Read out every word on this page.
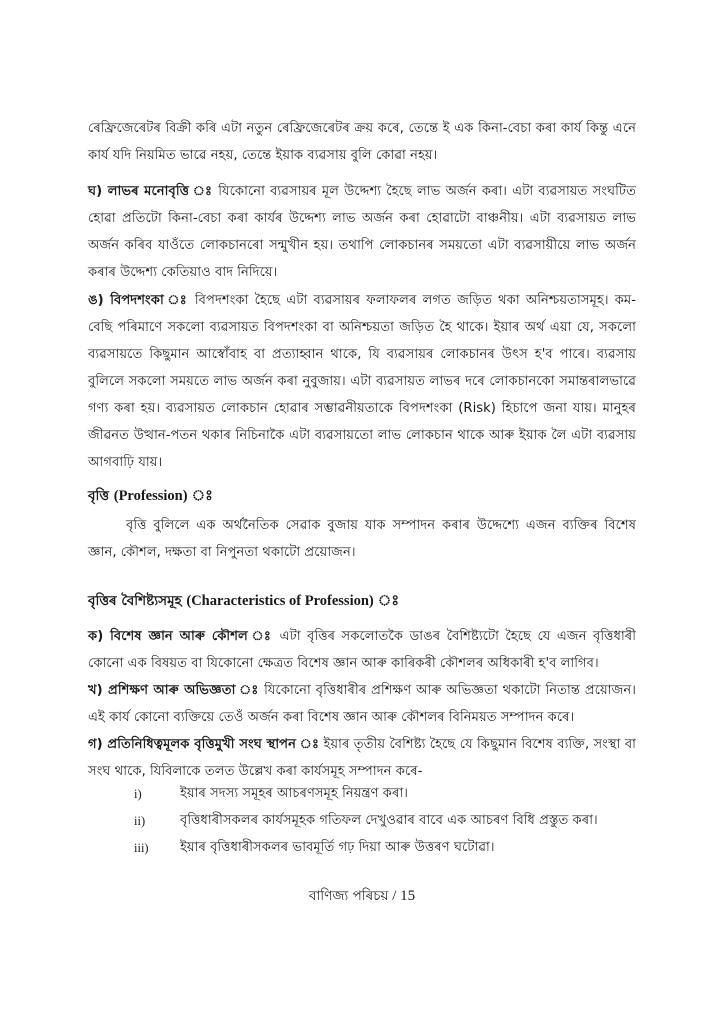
ৰেফ্ৰিজেৰেটৰ বিক্ৰী কৰি এটা নতুন ৰেফ্ৰিজেৰেটৰ ক্ৰয় কৰে, তেন্তে ই এক কিনা-বেচা কৰা কাৰ্য কিন্তু এনে কাৰ্য যদি নিয়মিত ভাৱে নহয়, তেন্তে ইয়াক ব্যৱসায় বুলি কোৱা নহয়।

ঘ) লাভৰ মনোবৃত্তি ঃ যিকোনো ব্যৱসায়ৰ মূল উদ্দেশ্য হৈছে লাভ অৰ্জন কৰা। এটা ব্যৱসায়ত সংঘটিত হোৱা প্ৰতিটো কিনা-বেচা কৰা কাৰ্যৰ উদ্দেশ্য লাভ অৰ্জন কৰা হোৱাটো বাঞ্চনীয়। এটা ব্যৱসায়ত লাভ অৰ্জন কৰিব যাওঁতে লোকচানৰো সন্মুখীন হয়। তথাপি লোকচানৰ সময়তো এটা ব্যৱসায়ীয়ে লাভ অৰ্জন কৰাৰ উদ্দেশ্য কেতিয়াও বাদ নিদিয়ে।

ঙ) বিপদশংকা ঃ বিপদশংকা হৈছে এটা ব্যৱসায়ৰ ফলাফলৰ লগত জড়িত থকা অনিশ্চয়তাসমূহ। কম-বেছি পৰিমাণে সকলো ব্যৱসায়ত বিপদশংকা বা অনিশ্চয়তা জড়িত হৈ থাকে। ইয়াৰ অৰ্থ এয়া যে, সকলো ব্যৱসায়তে কিছুমান আস্বোঁবাহ বা প্ৰত্যাহ্বান থাকে, যি ব্যৱসায়ৰ লোকচানৰ উৎস হ'ব পাৰে। ব্যৱসায় বুলিলে সকলো সময়তে লাভ অৰ্জন কৰা নুবুজায়। এটা ব্যৱসায়ত লাভৰ দৰে লোকচানকো সমান্তৰালভাৱে গণ্য কৰা হয়। ব্যৱসায়ত লোকচান হোৱাৰ সম্ভাৱনীয়তাকে বিপদশংকা (Risk) হিচাপে জনা যায়। মানুহৰ জীৱনত উত্থান-পতন থকাৰ নিচিনাকৈ এটা ব্যৱসায়তো লাভ লোকচান থাকে আৰু ইয়াক লৈ এটা ব্যৱসায় আগবাঢ়ি যায়।

বৃত্তি (Profession) ঃ

বৃত্তি বুলিলে এক অৰ্থনৈতিক সেৱাক বুজায় যাক সম্পাদন কৰাৰ উদ্দেশ্যে এজন ব্যক্তিৰ বিশেষ জ্ঞান, কৌশল, দক্ষতা বা নিপুনতা থকাটো প্ৰয়োজন।

বৃত্তিৰ বৈশিষ্ট্যসমূহ (Characteristics of Profession) ঃ

ক) বিশেষ জ্ঞান আৰু কৌশল ঃ এটা বৃত্তিৰ সকলোতকৈ ডাঙৰ বৈশিষ্ট্যটো হৈছে যে এজন বৃত্তিধাৰী কোনো এক বিষয়ত বা যিকোনো ক্ষেত্ৰত বিশেষ জ্ঞান আৰু কাৰিকৰী কৌশলৰ অধিকাৰী হ'ব লাগিব।

খ) প্ৰশিক্ষণ আৰু অভিজ্ঞতা ঃ যিকোনো বৃত্তিধাৰীৰ প্ৰশিক্ষণ আৰু অভিজ্ঞতা থকাটো নিতান্ত প্ৰয়োজন। এই কাৰ্য কোনো ব্যক্তিয়ে তেওঁ অৰ্জন কৰা বিশেষ জ্ঞান আৰু কৌশলৰ বিনিময়ত সম্পাদন কৰে।

গ) প্ৰতিনিধিত্বমূলক বৃত্তিমুখী সংঘ স্থাপন ঃ ইয়াৰ তৃতীয় বৈশিষ্ট্য হৈছে যে কিছুমান বিশেষ ব্যক্তি, সংস্থা বা সংঘ থাকে, যিবিলাকে তলত উল্লেখ কৰা কাৰ্যসমূহ সম্পাদন কৰে-

i)	ইয়াৰ সদস্য সমূহৰ আচৰণসমূহ নিয়ন্ত্ৰণ কৰা।
ii)	বৃত্তিধাৰীসকলৰ কাৰ্যসমূহক গতিফল দেখুওৱাৰ বাবে এক আচৰণ বিধি প্ৰস্তুত কৰা।
iii) ইয়াৰ বৃত্তিধাৰীসকলৰ ভাবমূৰ্তি গঢ় দিয়া আৰু উত্তৰণ ঘটোৱা।
বাণিজ্য পৰিচয় / 15
